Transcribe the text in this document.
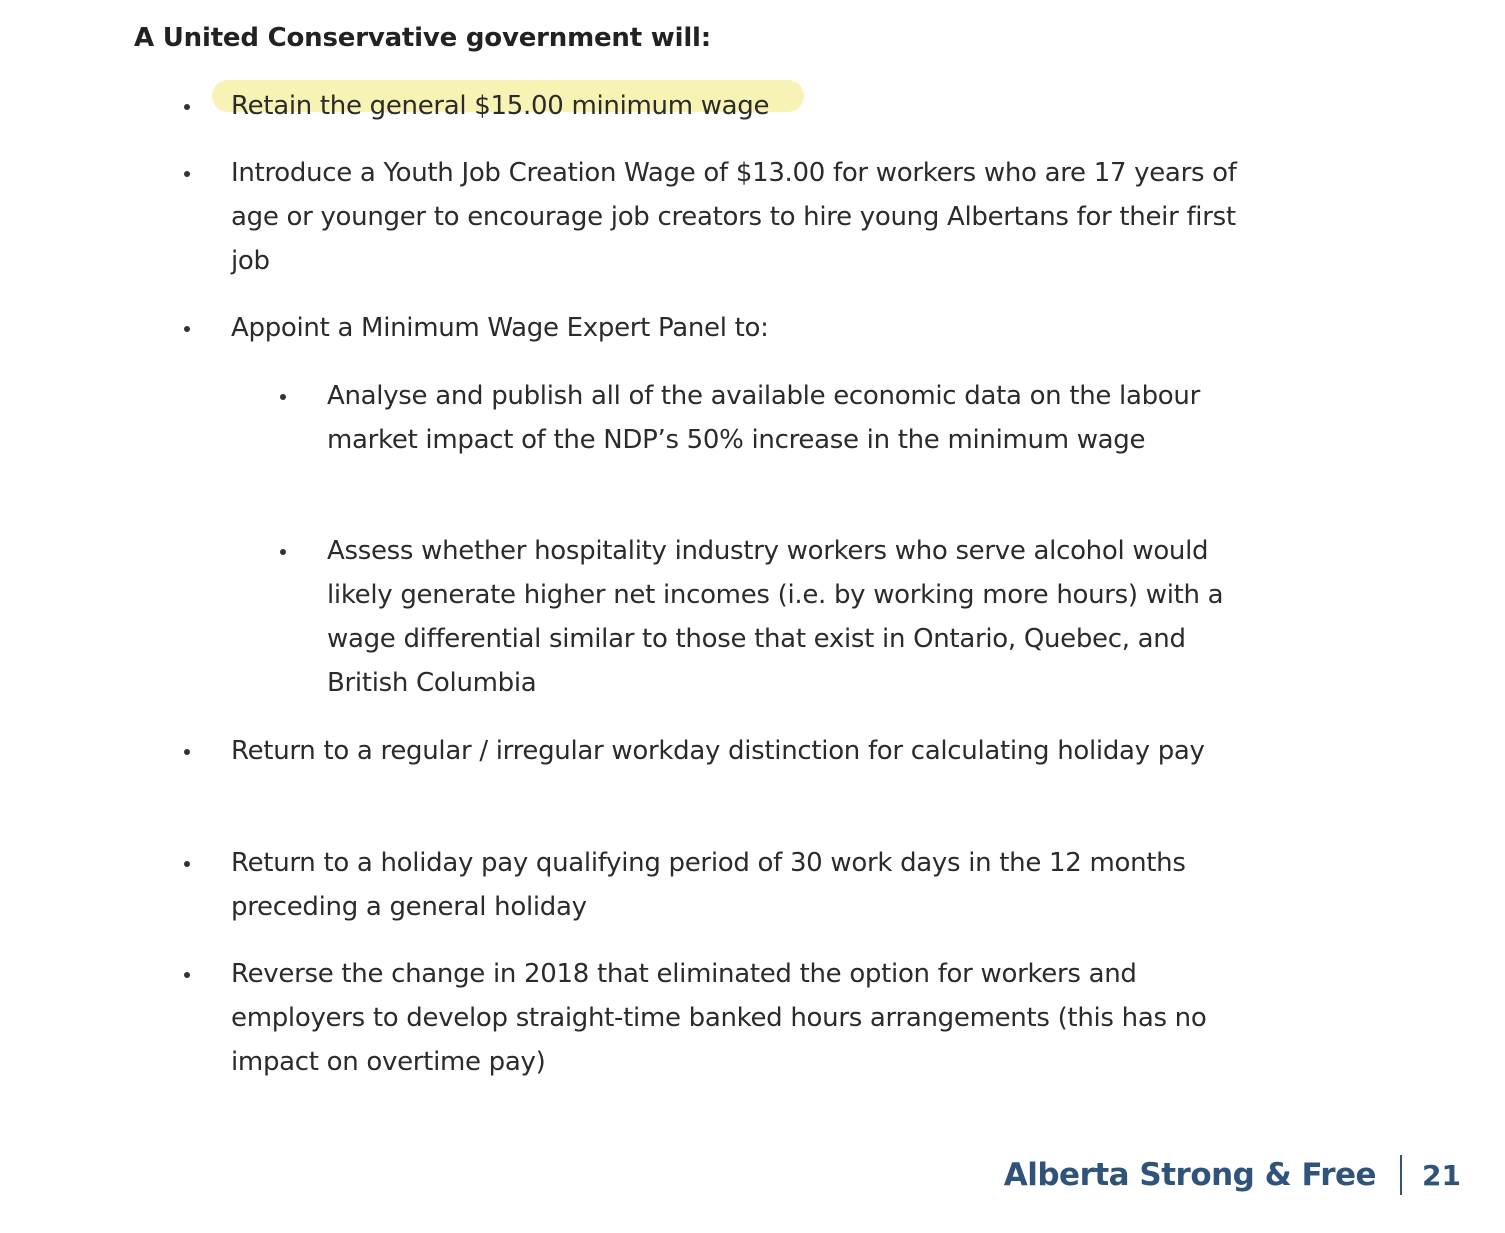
A United Conservative government will:
Retain the general $15.00 minimum wage
Introduce a Youth Job Creation Wage of $13.00 for workers who are 17 years of age or younger to encourage job creators to hire young Albertans for their first job
Appoint a Minimum Wage Expert Panel to:
Analyse and publish all of the available economic data on the labour market impact of the NDP’s 50% increase in the minimum wage
Assess whether hospitality industry workers who serve alcohol would likely generate higher net incomes (i.e. by working more hours) with a wage differential similar to those that exist in Ontario, Quebec, and British Columbia
Return to a regular / irregular workday distinction for calculating holiday pay
Return to a holiday pay qualifying period of 30 work days in the 12 months preceding a general holiday
Reverse the change in 2018 that eliminated the option for workers and employers to develop straight-time banked hours arrangements (this has no impact on overtime pay)
Alberta Strong & Free 21
